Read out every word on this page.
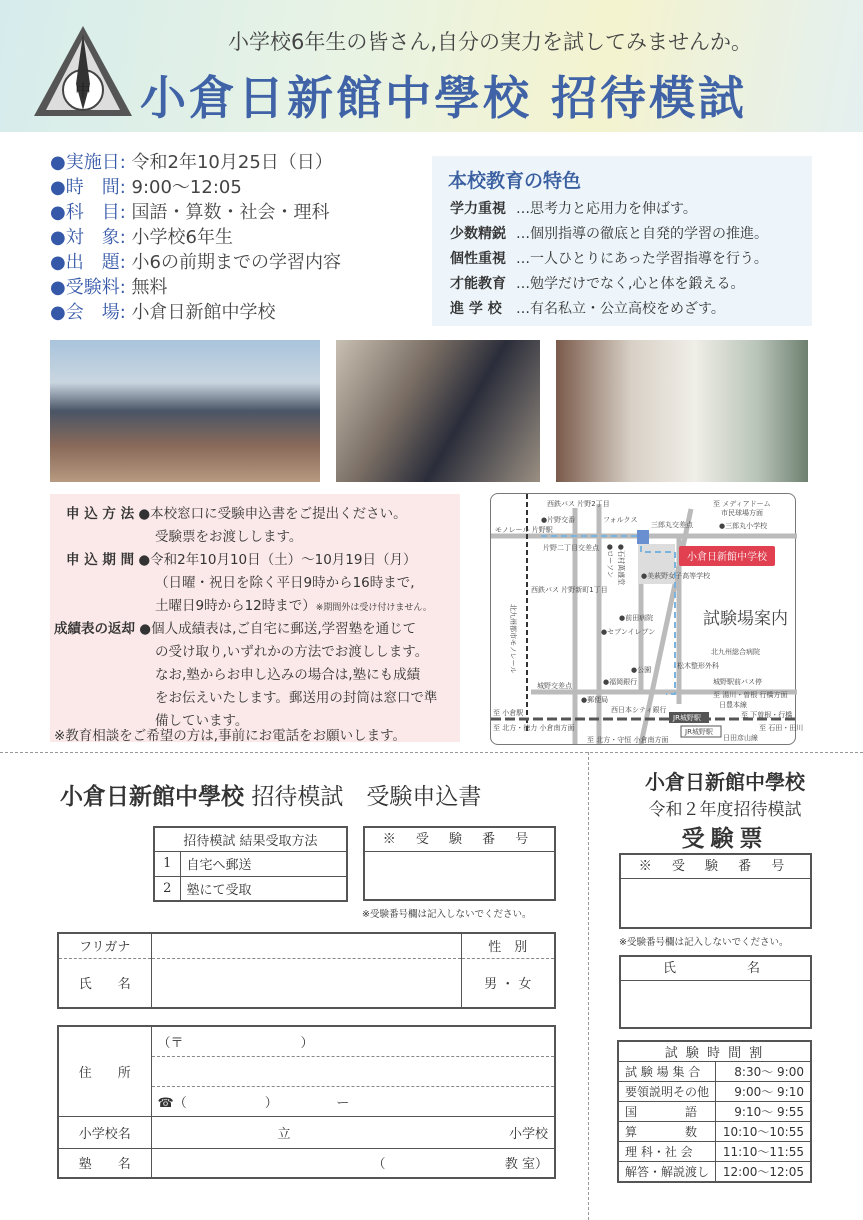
中
小学校6年生の皆さん,自分の実力を試してみませんか。
小倉日新館中學校 招待模試
●実施日: 令和2年10月25日（日）
●時　間: 9:00〜12:05
●科　目: 国語・算数・社会・理科
●対　象: 小学校6年生
●出　題: 小6の前期までの学習内容
●受験料: 無料
●会　場: 小倉日新館中学校
本校教育の特色
学力重視 …思考力と応用力を伸ばす。
少数精鋭 …個別指導の徹底と自発的学習の推進。
個性重視 …一人ひとりにあった学習指導を行う。
才能教育 …勉学だけでなく,心と体を鍛える。
進 学 校 …有名私立・公立高校をめざす。
申 込 方 法 ●本校窓口に受験申込書をご提出ください。
受験票をお渡しします。
申 込 期 間 ●令和2年10月10日（土）〜10月19日（月）
（日曜・祝日を除く平日9時から16時まで,
土曜日9時から12時まで）※期間外は受け付けません。
成績表の返却 ●個人成績表は,ご自宅に郵送,学習塾を通じて
の受け取り,いずれかの方法でお渡しします。
なお,塾からお申し込みの場合は,塾にも成績
をお伝えいたします。郵送用の封筒は窓口で準
備しています。
※教育相談をご希望の方は,事前にお電話をお願いします。
小倉日新館中学校
試験場案内
西鉄バス 片野2丁目
モノレール 片野駅
●片野交番	フォルクス
片野二丁目交差点 ●ローソン ●石村萬盛堂
三郎丸交差点
至 メディアドーム
市民球場方面
●三郎丸小学校
●美萩野女子高等学校
西鉄バス 片野新町1丁目
●前田病院
●セブンイレブン
北九州総合病院
●公園
●福岡銀行
松木整形外科
城野駅前バス停
城野交差点
●郵便局
西日本シティ銀行
日豊本線
至 小倉駅
JR城野駅	至 下曽根・行橋
至 湯川・曽根 行橋方面
至 石田・田川
日田彦山線
至 北方・徳力 小倉南方面
至 北方・守恒 小倉南方面
JR城野駅
北九州都市モノレール
小倉日新館中學校 招待模試　受験申込書
招待模試 結果受取方法	
1	自宅へ郵送
2	塾にて受取
※ 受 験 番 号
※受験番号欄は記入しないでください。
フリガナ		性　別
氏　　名		男 ・ 女
住　　所	（〒　　　　　　　　　）

	☎（　　　　　　）　　　　　ー
小学校名	立 小学校

塾　　名	（ 教 室）
小倉日新館中學校
令和２年度招待模試
受験票
※ 受 験 番 号
※受験番号欄は記入しないでください。
氏　　　名
試 験 時 間 割	
試 験 場 集 合	8:30〜 9:00
要領説明その他	9:00〜 9:10
国　　　　語	9:10〜 9:55
算　　　　数	10:10〜10:55
理 科・社 会	11:10〜11:55
解答・解説渡し	12:00〜12:05
